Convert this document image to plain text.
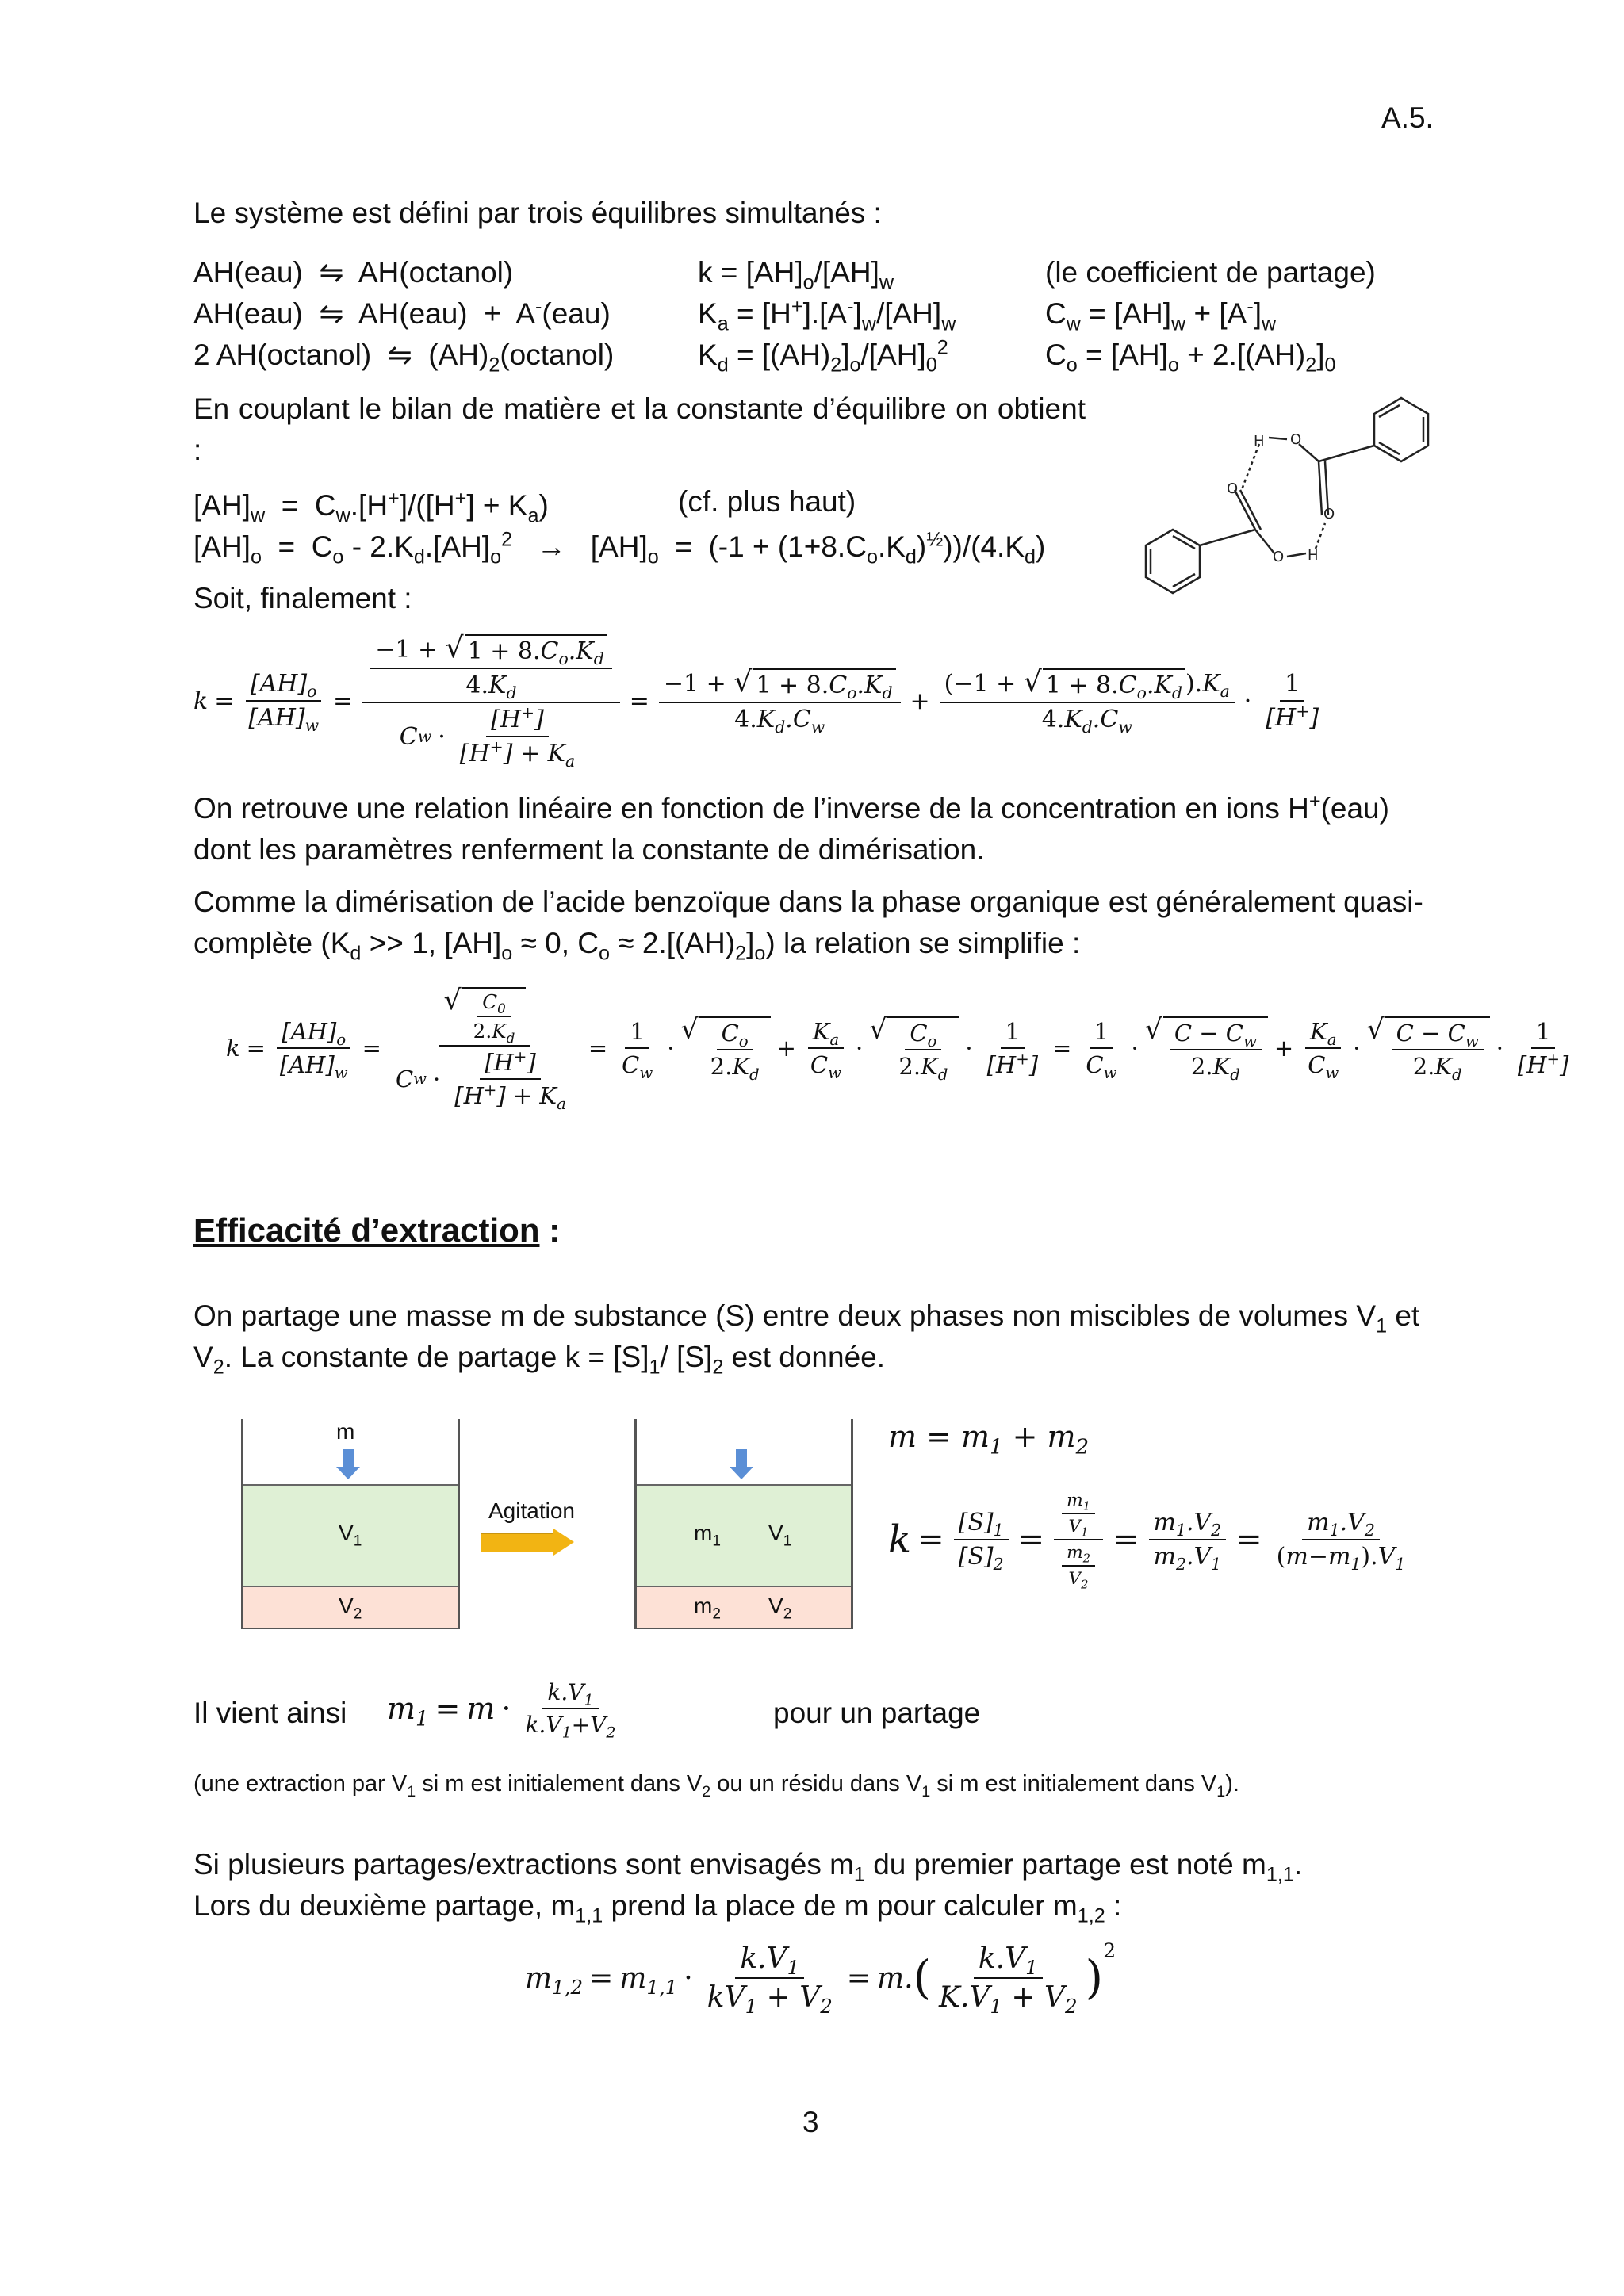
A.5.
Le système est défini par trois équilibres simultanés :
AH(eau)  ⇋  AH(octanol)
AH(eau)  ⇋  AH(eau)  +  A-(eau)
2 AH(octanol)  ⇋  $(AH)_2(octanol)$
$k = [AH]_o/[AH]_w$
$K_a = [H^+].[A^-]_w/[AH]_w$
$K_d = [(AH)_2]_o/[AH]_0^2$
(le coefficient de partage)
$C_w = [AH]_w + [A^-]_w$
$C_o = [AH]_o + 2.[(AH)_2]_0$
En couplant le bilan de matière et la constante d’équilibre on obtient :
$[AH]_w = C_w.[H^+]/([H^+] + K_a)$
$[AH]_o = C_o - 2.K_d.[AH]_o^2 \to [AH]_o = (-1 + (1+8.C_o.K_d)^{\frac{1}{2}}))/(4.K_d)$
(cf. plus haut)
O
H
O
O
O H
Soit, finalement :
$k = \frac{[AH]_o}{[AH]_w} = \frac{\frac{-1 + √ 1 + 8.C_o.K_d}{4.K_d}}{C w \cdot \frac{[H^+]}{[H^+] + K_a}} = \frac{-1 + √ 1 + 8.C_o.K_d}{4.K_d.C_w} + \frac{(-1 + √ 1 + 8.C_o.K_d ).K_a}{4.K_d.C_w} \cdot \frac{1}{[H^+]}$
On retrouve une relation linéaire en fonction de l’inverse de la concentration en ions H+(eau) dont les paramètres renferment la constante de dimérisation.
Comme la dimérisation de l’acide benzoïque dans la phase organique est généralement quasi-complète ($K_d >> 1$, $[AH]_o \approx 0$, $C_o \approx 2.[(AH)_2]_o$) la relation se simplifie :
$k = \frac{[AH]_o}{[AH]_w} = \frac{√ \frac{C_0}{2.K_d}}{C w \cdot \frac{[H^+]}{[H^+] + K_a}} = \frac{1}{C_w}$ ·
√ $\frac{C_o}{2.K_d} + \frac{K_a}{C_w}$ ·
√ $\frac{C_o}{2.K_d} \cdot \frac{1}{[H^+]} = \frac{1}{C_w}$ ·
√ $\frac{C - C_w}{2.K_d} + \frac{K_a}{C_w}$ ·
√ $\frac{C - C_w}{2.K_d} \cdot \frac{1}{[H^+]}$
Efficacité d’extraction :
On partage une masse m de substance (S) entre deux phases non miscibles de volumes $V_1$ et $V_2$. La constante de partage $k = [S]_1/$ $[S]_2$ est donnée.
m
$V_1$
$V_2$
Agitation
$m_1$ $V_1$
$m_2$ $V_2$
$m = m_1 + m_2$
$k = \frac{[S]_1}{[S]_2} = \frac{\frac{m_1}{V_1}}{\frac{m_2}{V_2}} = \frac{m_1.V_2}{m_2.V_1} = \frac{m_1.V_2}{(m-m_1).V_1}$
Il vient ainsi $m_1 = m \cdot \frac{k.V_1}{k.V_1+V_2}$	pour un partage
(une extraction par $V_1$ si m est initialement dans $V_2$ ou un résidu dans $V_1$ si m est initialement dans $V_1$).
Si plusieurs partages/extractions sont envisagés $m_1$ du premier partage est noté $m_{1,1}$.
Lors du deuxième partage, $m_{1,1}$ prend la place de m pour calculer $m_{1,2}$ :
$m_{1,2} = m_{1,1} \cdot \frac{k.V_1}{kV_1 + V_2} = m$. ( $\frac{k.V_1}{K.V_1 + V_2}$ )
$^2$
3
